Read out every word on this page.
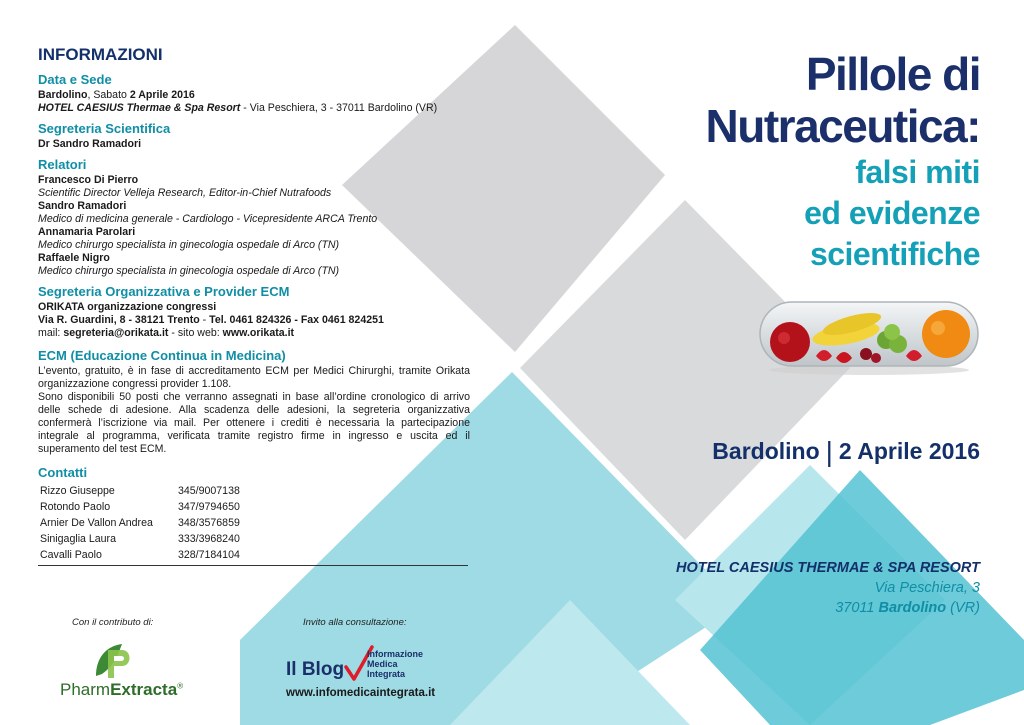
INFORMAZIONI
Data e Sede
Bardolino, Sabato 2 Aprile 2016
HOTEL CAESIUS Thermae & Spa Resort - Via Peschiera, 3 - 37011 Bardolino (VR)
Segreteria Scientifica
Dr Sandro Ramadori
Relatori
Francesco Di Pierro
Scientific Director Velleja Research, Editor-in-Chief Nutrafoods
Sandro Ramadori
Medico di medicina generale - Cardiologo - Vicepresidente ARCA Trento
Annamaria Parolari
Medico chirurgo specialista in ginecologia ospedale di Arco (TN)
Raffaele Nigro
Medico chirurgo specialista in ginecologia ospedale di Arco (TN)
Segreteria Organizzativa e Provider ECM
ORIKATA organizzazione congressi
Via R. Guardini, 8 - 38121 Trento - Tel. 0461 824326 - Fax 0461 824251
mail: segreteria@orikata.it - sito web: www.orikata.it
ECM (Educazione Continua in Medicina)
L’evento, gratuito, è in fase di accreditamento ECM per Medici Chirurghi, tramite Orikata organizzazione congressi provider 1.108.
Sono disponibili 50 posti che verranno assegnati in base all’ordine cronologico di arrivo delle schede di adesione. Alla scadenza delle adesioni, la segreteria organizzativa confermerà l’iscrizione via mail. Per ottenere i crediti è necessaria la partecipazione integrale al programma, verificata tramite registro firme in ingresso e uscita ed il superamento del test ECM.
Contatti
Rizzo Giuseppe	345/9007138
Rotondo Paolo	347/9794650
Arnier De Vallon Andrea	348/3576859
Sinigaglia Laura	333/3968240
Cavalli Paolo	328/7184104
Con il contributo di:	Invito alla consultazione:
PharmExtracta®
Il Blog
Informazione
Medica
Integrata
www.infomedicaintegrata.it
Pillole di
Nutraceutica:
falsi miti
ed evidenze
scientifiche
Bardolino | 2 Aprile 2016
HOTEL CAESIUS THERMAE & SPA RESORT
Via Peschiera, 3
37011 Bardolino (VR)
